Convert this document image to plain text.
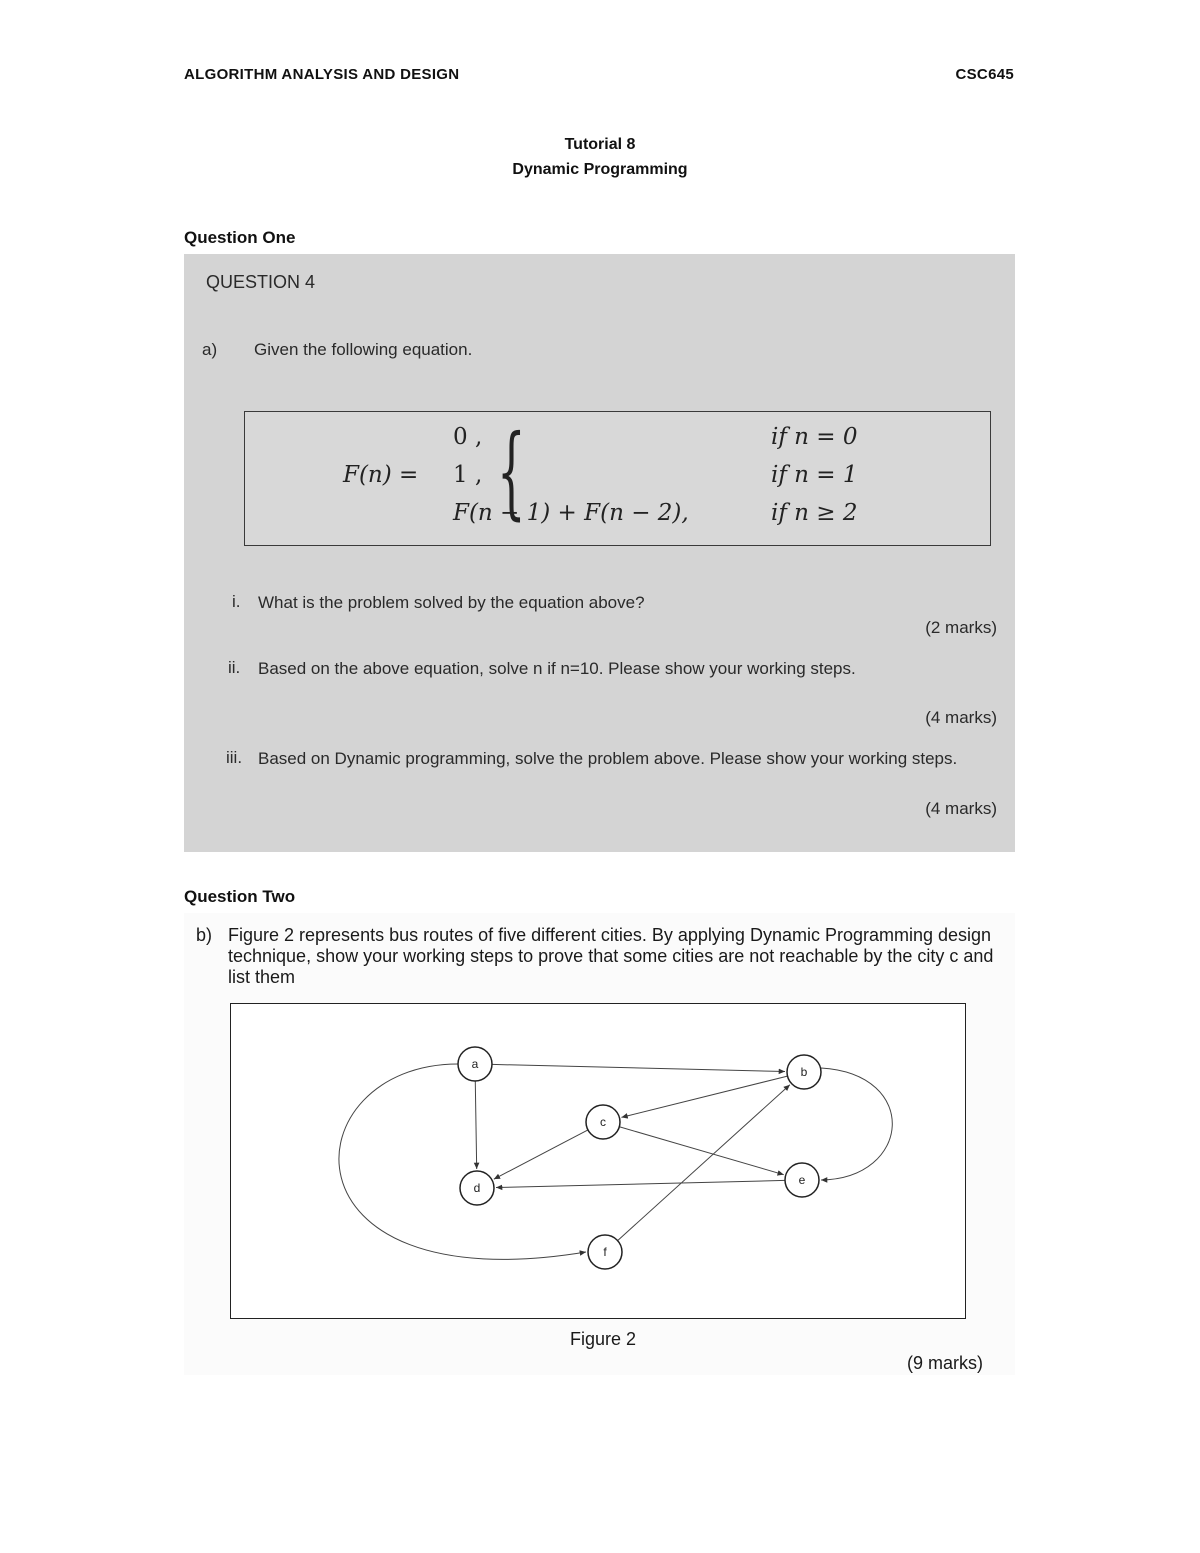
ALGORITHM ANALYSIS AND DESIGN	CSC645
Tutorial 8
Dynamic Programming
Question One
QUESTION 4
a) Given the following equation.
F(n) = {
0 ,
1 ,
F(n − 1) + F(n − 2),
if n = 0
if n = 1
if n ≥ 2
i. What is the problem solved by the equation above?
(2 marks)
ii. Based on the above equation, solve n if n=10. Please show your working steps.
(4 marks)
iii. Based on Dynamic programming, solve the problem above. Please show your working steps.
(4 marks)
Question Two
b) Figure 2 represents bus routes of five different cities. By applying Dynamic Programming design technique, show your working steps to prove that some cities are not reachable by the city c and list them
a
b
c
d
e
f
Figure 2
(9 marks)
